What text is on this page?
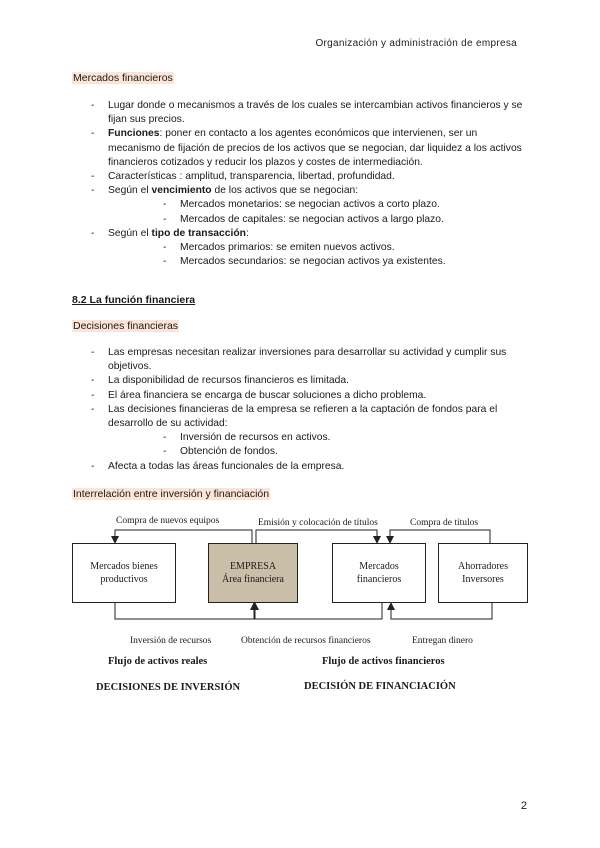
Organización y administración de empresa
Mercados financieros
- Lugar donde o mecanismos a través de los cuales se intercambian activos financieros y se fijan sus precios.
- Funciones: poner en contacto a los agentes económicos que intervienen, ser un mecanismo de fijación de precios de los activos que se negocian, dar liquidez a los activos financieros cotizados y reducir los plazos y costes de intermediación.
- Características : amplitud, transparencia, libertad, profundidad.
- Según el vencimiento de los activos que se negocian:
- Mercados monetarios: se negocian activos a corto plazo.
- Mercados de capitales: se negocian activos a largo plazo.
- Según el tipo de transacción:
- Mercados primarios: se emiten nuevos activos.
- Mercados secundarios: se negocian activos ya existentes.
8.2 La función financiera
Decisiones financieras
- Las empresas necesitan realizar inversiones para desarrollar su actividad y cumplir sus objetivos.
- La disponibilidad de recursos financieros es limitada.
- El área financiera se encarga de buscar soluciones a dicho problema.
- Las decisiones financieras de la empresa se refieren a la captación de fondos para el desarrollo de su actividad:
- Inversión de recursos en activos.
- Obtención de fondos.
- Afecta a todas las áreas funcionales de la empresa.
Interrelación entre inversión y financiación
Compra de nuevos equipos	Emisión y colocación de títulos	Compra de títulos
Mercados bienes
productivos
EMPRESA
Área financiera
Mercados
financieros
Ahorradores
Inversores
Inversión de recursos	Obtención de recursos financieros	Entregan dinero
Flujo de activos reales	Flujo de activos financieros
DECISIONES DE INVERSIÓN	DECISIÓN DE FINANCIACIÓN
2
